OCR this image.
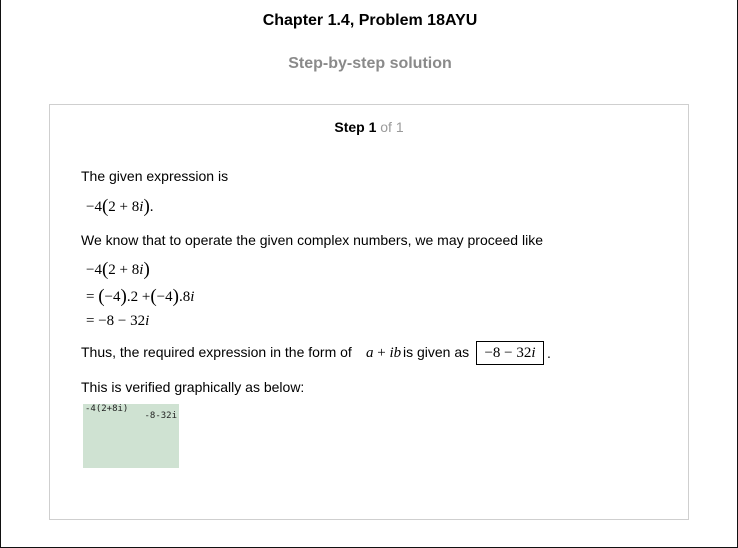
Chapter 1.4, Problem 18AYU
Step-by-step solution
Step 1 of 1
The given expression is
−4(2 + 8i).
We know that to operate the given complex numbers, we may proceed like
−4(2 + 8i)
= (−4).2 +(−4).8i
= −8 − 32i
Thus, the required expression in the form of a + ib is given as	−8 − 32i .
This is verified graphically as below:
-4(2+8i)
-8-32i
